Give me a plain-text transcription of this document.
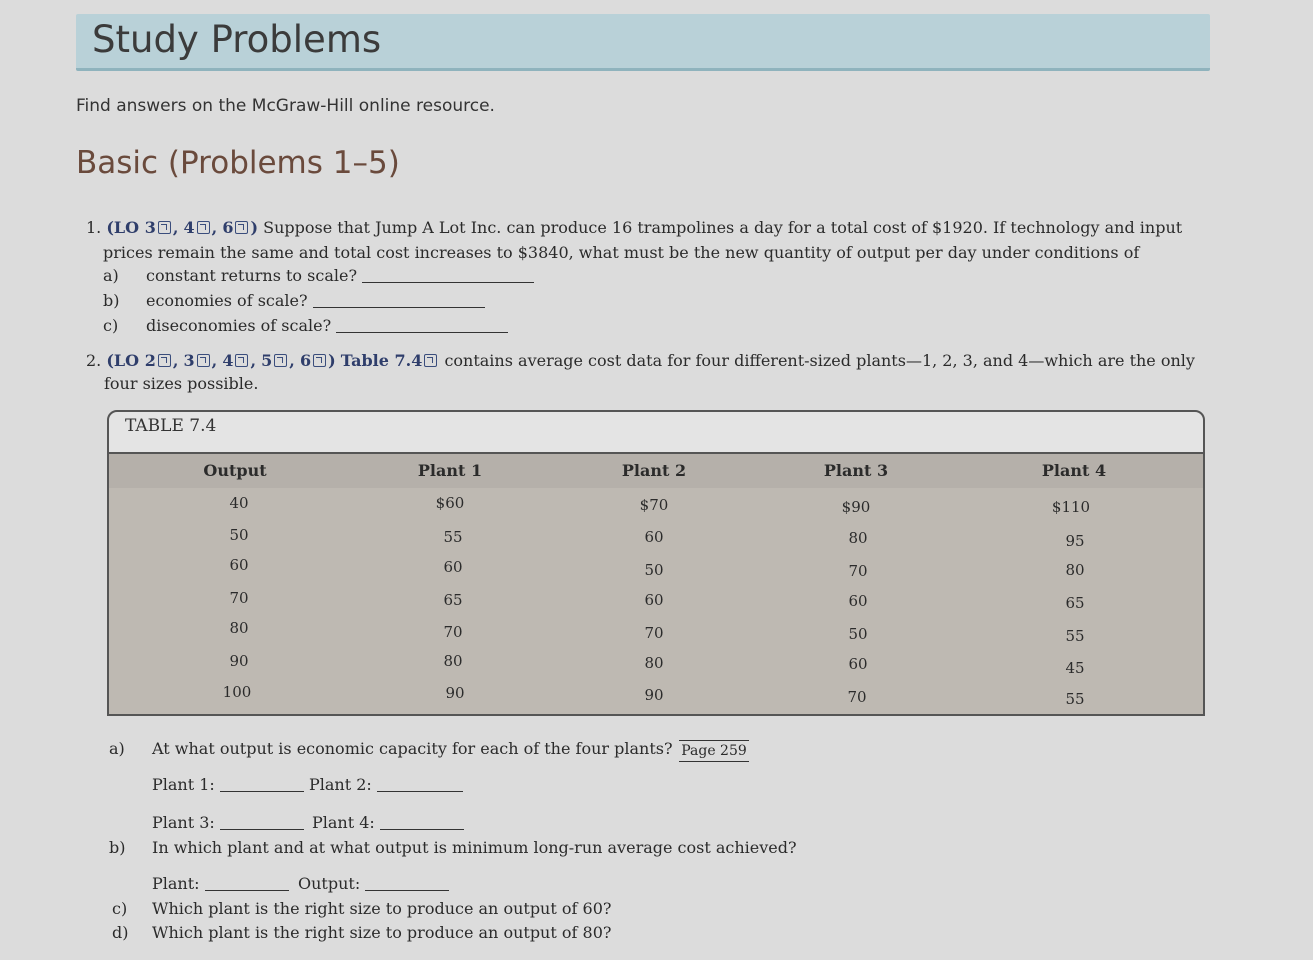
Study Problems
Find answers on the McGraw-Hill online resource.
Basic (Problems 1–5)
1. (LO 3 , 4 , 6 ) Suppose that Jump A Lot Inc. can produce 16 trampolines a day for a total cost of $1920. If technology and input
prices remain the same and total cost increases to $3840, what must be the new quantity of output per day under conditions of
a) constant returns to scale?
b) economies of scale?
c) diseconomies of scale?
2. (LO 2 , 3 , 4 , 5 , 6 ) Table 7.4 contains average cost data for four different-sized plants—1, 2, 3, and 4—which are the only
four sizes possible.
TABLE 7.4
Output	Plant 1	Plant 2	Plant 3	Plant 4
40	$60	$70	$90	$110
50	55	60	80	95
60	60	50	70	80
70	65	60	60	65
80	70	70	50	55
90	80	80	60	45
100	90	90	70	55
a) At what output is economic capacity for each of the four plants? Page 259
Plant 1:	Plant 2:
Plant 3:	Plant 4:
b) In which plant and at what output is minimum long-run average cost achieved?
Plant:	Output:
c) Which plant is the right size to produce an output of 60?
d) Which plant is the right size to produce an output of 80?
